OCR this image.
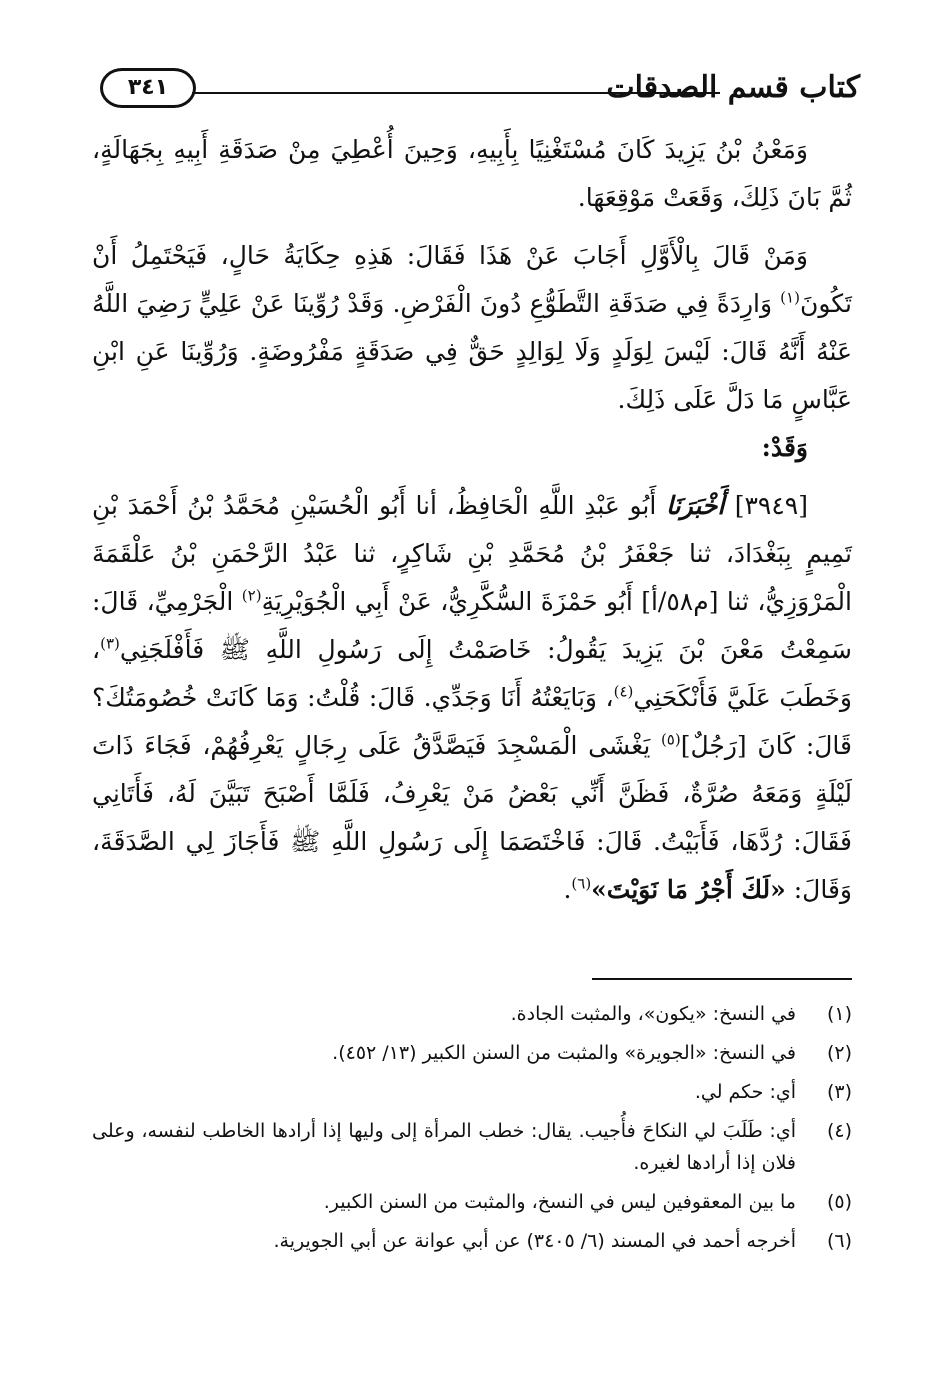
كتاب قسم الصدقات
٣٤١

وَمَعْنُ بْنُ يَزِيدَ كَانَ مُسْتَغْنِيًا بِأَبِيهِ، وَحِينَ أُعْطِيَ مِنْ صَدَقَةِ أَبِيهِ بِجَهَالَةٍ، ثُمَّ بَانَ ذَلِكَ، وَقَعَتْ مَوْقِعَهَا.

وَمَنْ قَالَ بِالْأَوَّلِ أَجَابَ عَنْ هَذَا فَقَالَ: هَذِهِ حِكَايَةُ حَالٍ، فَيَحْتَمِلُ أَنْ تَكُونَ$^{(١)}$ وَارِدَةً فِي صَدَقَةِ التَّطَوُّعِ دُونَ الْفَرْضِ. وَقَدْ رُوِّينَا عَنْ عَلِيٍّ رَضِيَ اللَّهُ عَنْهُ أَنَّهُ قَالَ: لَيْسَ لِوَلَدٍ وَلَا لِوَالِدٍ حَقٌّ فِي صَدَقَةٍ مَفْرُوضَةٍ. وَرُوِّينَا عَنِ ابْنِ عَبَّاسٍ مَا دَلَّ عَلَى ذَلِكَ.

وَقَدْ:

[٣٩٤٩] أَخْبَرَنَا أَبُو عَبْدِ اللَّهِ الْحَافِظُ، أنا أَبُو الْحُسَيْنِ مُحَمَّدُ بْنُ أَحْمَدَ بْنِ تَمِيمٍ بِبَغْدَادَ، ثنا جَعْفَرُ بْنُ مُحَمَّدِ بْنِ شَاكِرٍ، ثنا عَبْدُ الرَّحْمَنِ بْنُ عَلْقَمَةَ الْمَرْوَزِيُّ، ثنا [م٥٨/أ] أَبُو حَمْزَةَ السُّكَّرِيُّ، عَنْ أَبِي الْجُوَيْرِيَةِ$^{(٢)}$ الْجَرْمِيِّ، قَالَ: سَمِعْتُ مَعْنَ بْنَ يَزِيدَ يَقُولُ: خَاصَمْتُ إِلَى رَسُولِ اللَّهِ ﷺ فَأَفْلَجَنِي$^{(٣)}$، وَخَطَبَ عَلَيَّ فَأَنْكَحَنِي$^{(٤)}$، وَبَايَعْتُهُ أَنَا وَجَدِّي. قَالَ: قُلْتُ: وَمَا كَانَتْ خُصُومَتُكَ؟ قَالَ: كَانَ [رَجُلٌ]$^{(٥)}$ يَغْشَى الْمَسْجِدَ فَيَصَّدَّقُ عَلَى رِجَالٍ يَعْرِفُهُمْ، فَجَاءَ ذَاتَ لَيْلَةٍ وَمَعَهُ صُرَّةٌ، فَظَنَّ أَنِّي بَعْضُ مَنْ يَعْرِفُ، فَلَمَّا أَصْبَحَ تَبَيَّنَ لَهُ، فَأَتَانِي فَقَالَ: رُدَّهَا، فَأَبَيْتُ. قَالَ: فَاخْتَصَمَا إِلَى رَسُولِ اللَّهِ ﷺ فَأَجَازَ لِي الصَّدَقَةَ، وَقَالَ: «لَكَ أَجْرُ مَا نَوَيْتَ»$^{(٦)}$.

(١)
في النسخ: «يكون»، والمثبت الجادة.
(٢)
في النسخ: «الجويرة» والمثبت من السنن الكبير (١٣/ ٤٥٢).
(٣)
أي: حكم لي.
(٤)
أي: طَلَبَ لي النكاحَ فأُجيب. يقال: خطب المرأة إلى وليها إذا أرادها الخاطب لنفسه، وعلى فلان إذا أرادها لغيره.
(٥)
ما بين المعقوفين ليس في النسخ، والمثبت من السنن الكبير.
(٦)
أخرجه أحمد في المسند (٦/ ٣٤٠٥) عن أبي عوانة عن أبي الجويرية.
